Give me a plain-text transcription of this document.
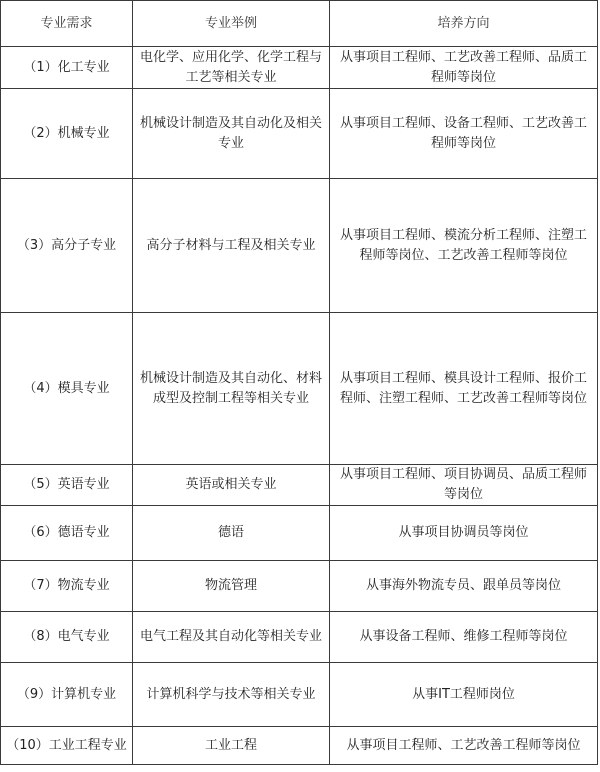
专业需求	专业举例	培养方向
（1）化工专业	电化学、应用化学、化学工程与工艺等相关专业	从事项目工程师、工艺改善工程师、品质工程师等岗位
（2）机械专业	机械设计制造及其自动化及相关专业	从事项目工程师、设备工程师、工艺改善工程师等岗位
（3）高分子专业	高分子材料与工程及相关专业	从事项目工程师、模流分析工程师、注塑工程师等岗位、工艺改善工程师等岗位
（4）模具专业	机械设计制造及其自动化、材料成型及控制工程等相关专业	从事项目工程师、模具设计工程师、报价工程师、注塑工程师、工艺改善工程师等岗位
（5）英语专业	英语或相关专业	从事项目工程师、项目协调员、品质工程师等岗位
（6）德语专业	德语	从事项目协调员等岗位
（7）物流专业	物流管理	从事海外物流专员、跟单员等岗位
（8）电气专业	电气工程及其自动化等相关专业	从事设备工程师、维修工程师等岗位
（9）计算机专业	计算机科学与技术等相关专业	从事IT工程师岗位
（10）工业工程专业	工业工程	从事项目工程师、工艺改善工程师等岗位
